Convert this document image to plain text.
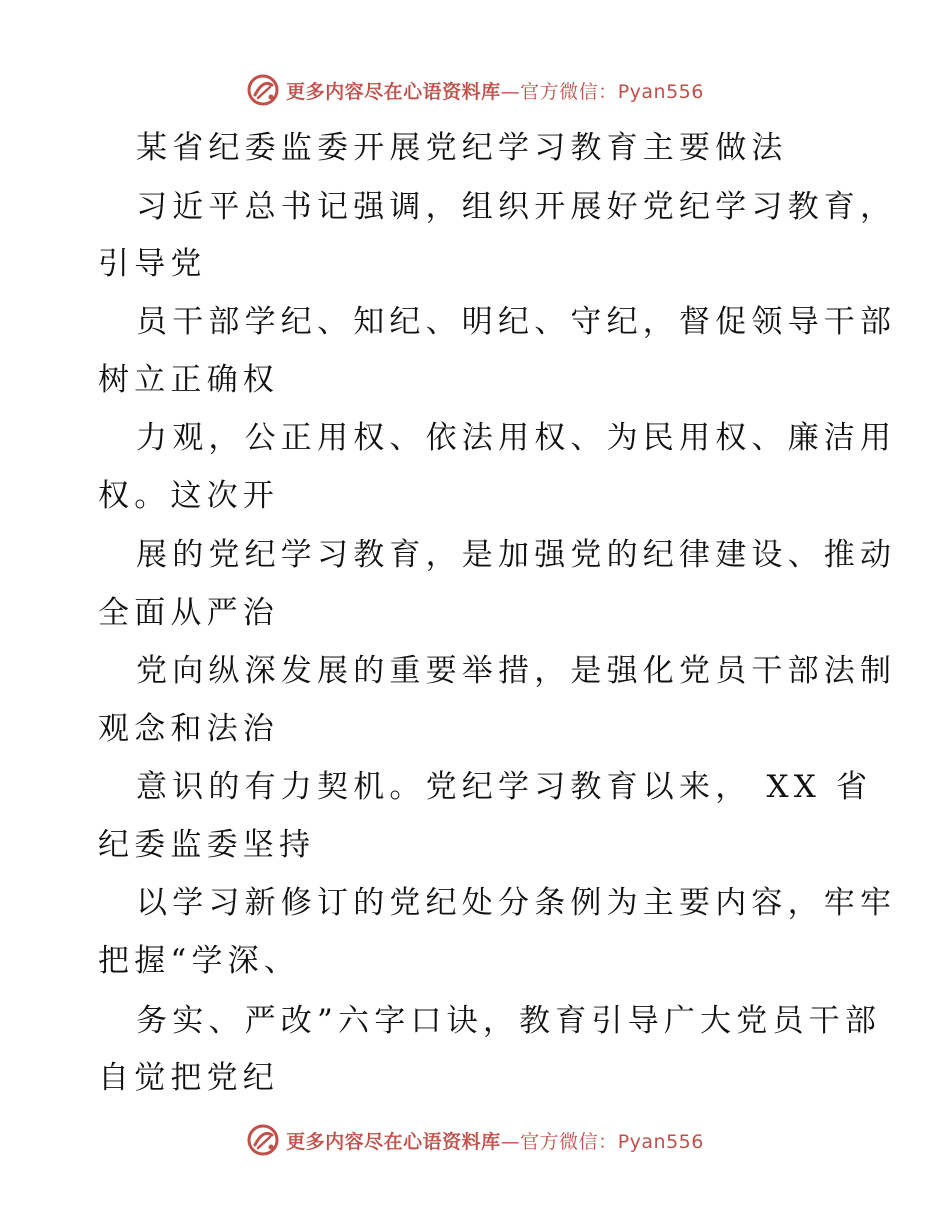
更多内容尽在心语资料库—官方微信：Pyan556
某省纪委监委开展党纪学习教育主要做法
习近平总书记强调，组织开展好党纪学习教育，
引导党
员干部学纪、知纪、明纪、守纪，督促领导干部
树立正确权
力观，公正用权、依法用权、为民用权、廉洁用
权。这次开
展的党纪学习教育，是加强党的纪律建设、推动
全面从严治
党向纵深发展的重要举措，是强化党员干部法制
观念和法治
意识的有力契机。党纪学习教育以来， XX 省
纪委监委坚持
以学习新修订的党纪处分条例为主要内容，牢牢
把握“学深、
务实、严改”六字口诀，教育引导广大党员干部
自觉把党纪
更多内容尽在心语资料库—官方微信：Pyan556
